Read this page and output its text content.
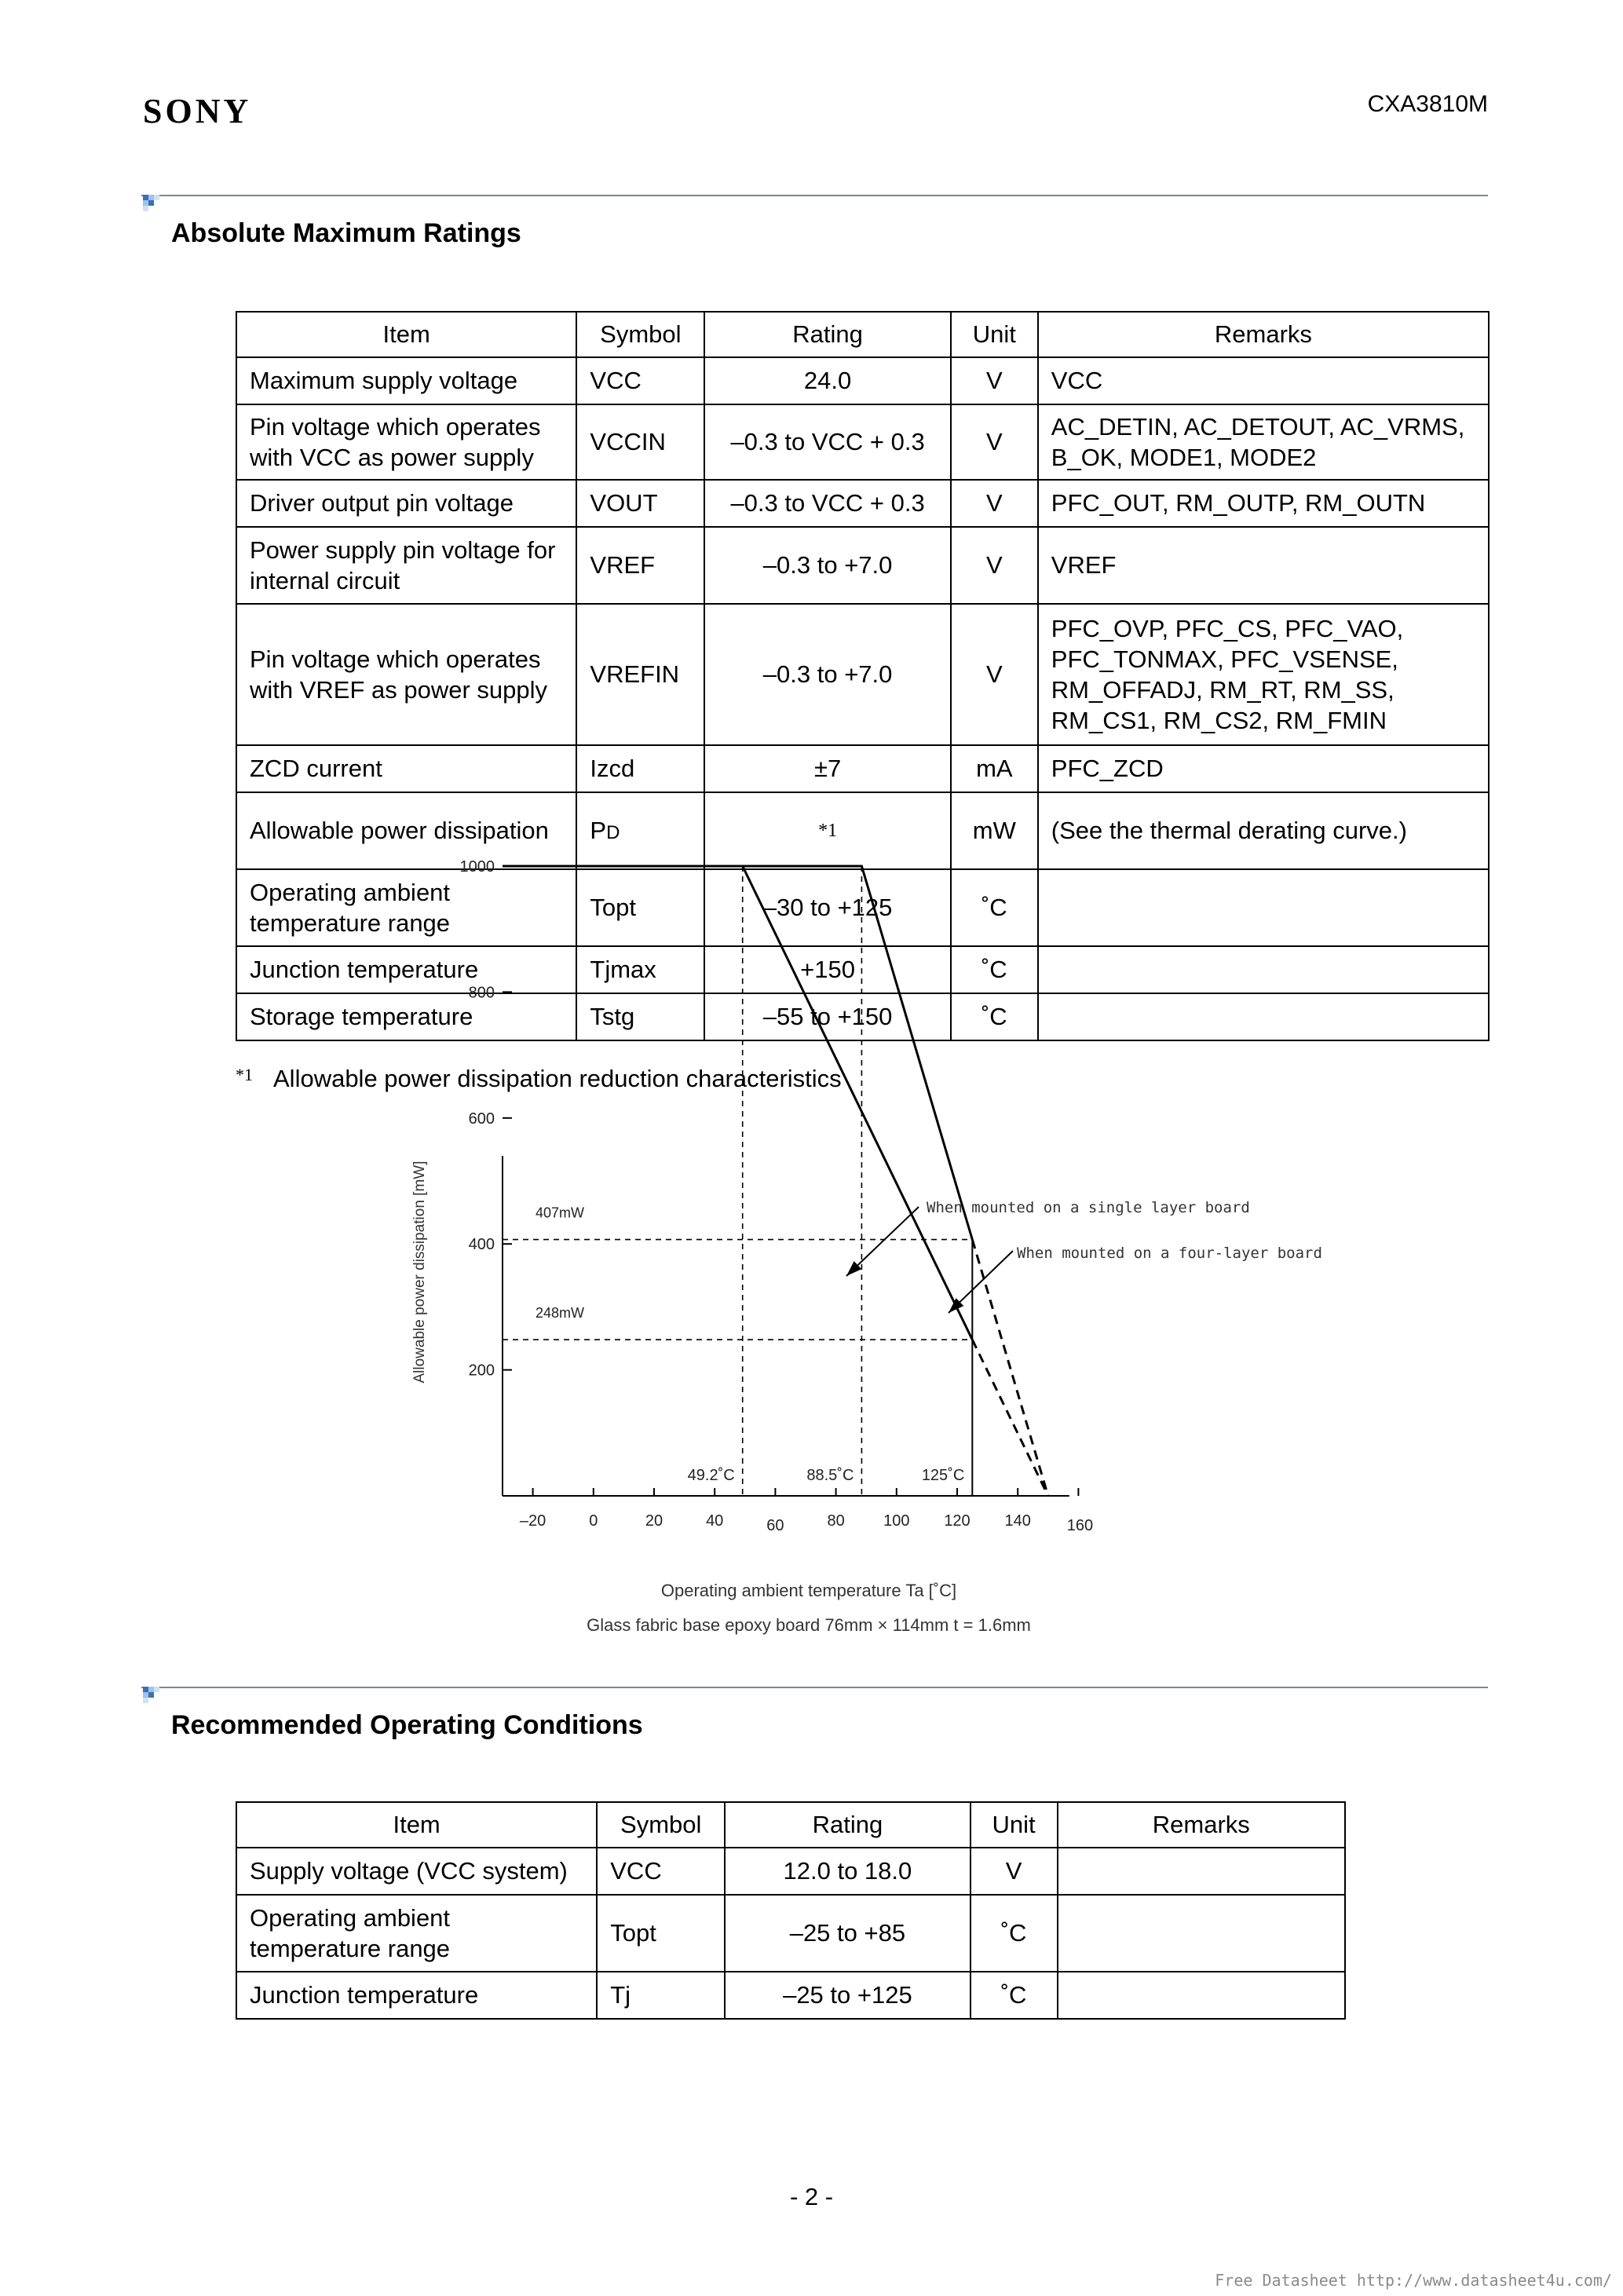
SONY	CXA3810M
Absolute Maximum Ratings
Item	Symbol	Rating	Unit	Remarks
Maximum supply voltage	VCC	24.0	V	VCC
Pin voltage which operates with VCC as power supply	VCCIN	–0.3 to VCC + 0.3	V	AC_DETIN, AC_DETOUT, AC_VRMS, B_OK, MODE1, MODE2
Driver output pin voltage	VOUT	–0.3 to VCC + 0.3	V	PFC_OUT, RM_OUTP, RM_OUTN
Power supply pin voltage for internal circuit	VREF	–0.3 to +7.0	V	VREF
Pin voltage which operates with VREF as power supply	VREFIN	–0.3 to +7.0	V	PFC_OVP, PFC_CS, PFC_VAO, PFC_TONMAX, PFC_VSENSE, RM_OFFADJ, RM_RT, RM_SS, RM_CS1, RM_CS2, RM_FMIN
ZCD current	Izcd	±7	mA	PFC_ZCD
Allowable power dissipation	PD	*1	mW	(See the thermal derating curve.)
Operating ambient temperature range	Topt	–30 to +125	˚C	
Junction temperature	Tjmax	+150	˚C	
Storage temperature	Tstg	–55 to +150	˚C	
$^{*1}$ Allowable power dissipation reduction characteristics
200
400
600
800
1000
–20	0	20	40	60	80 100 120 140 160
407mW
248mW
49.2˚C	88.5˚C	125˚C
Allowable power dissipation [mW]
Operating ambient temperature Ta [˚C]
Glass fabric base epoxy board 76mm × 114mm t = 1.6mm
When mounted on a single layer board
When mounted on a four-layer board
Recommended Operating Conditions
Item	Symbol	Rating	Unit	Remarks
Supply voltage (VCC system)	VCC	12.0 to 18.0	V	
Operating ambient temperature range	Topt	–25 to +85	˚C	
Junction temperature	Tj	–25 to +125	˚C	
- 2 -
Free Datasheet http://www.datasheet4u.com/
